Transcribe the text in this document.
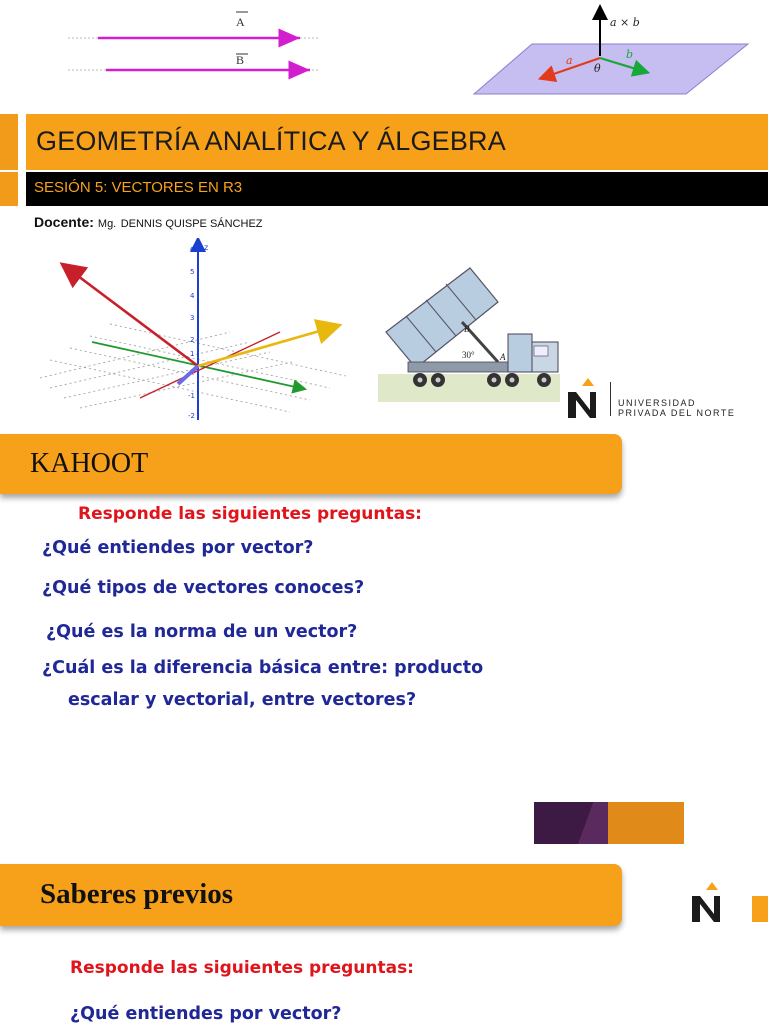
A
B
a × b
a	b
θ
GEOMETRÍA ANALÍTICA Y ÁLGEBRA
SESIÓN 5: VECTORES EN R3
Docente: Mg. DENNIS QUISPE SÁNCHEZ
6
5
4
3
2
1
-1
-2
z
30°
B
A
UNIVERSIDAD
PRIVADA DEL NORTE
KAHOOT
Responde las siguientes preguntas:
¿Qué entiendes por vector?
¿Qué tipos de vectores conoces?
¿Qué es la norma de un vector?
¿Cuál es la diferencia básica entre: producto
escalar y vectorial, entre vectores?
Saberes previos
Responde las siguientes preguntas:
¿Qué entiendes por vector?
